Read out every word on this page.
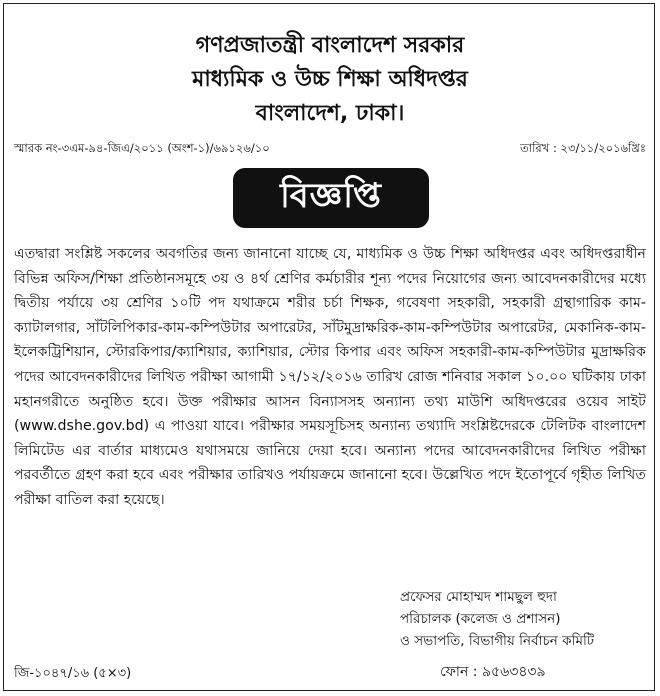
গণপ্রজাতন্ত্রী বাংলাদেশ সরকার
মাধ্যমিক ও উচ্চ শিক্ষা অধিদপ্তর
বাংলাদেশ, ঢাকা।
স্মারক নং-৩এম-৯৪-জিএ/২০১১ (অংশ-১)/৬৯১২৬/১০	তারিখ : ২৩/১১/২০১৬খ্রিঃ
বিজ্ঞপ্তি
এতদ্বারা সংশ্লিষ্ট সকলের অবগতির জন্য জানানো যাচ্ছে যে, মাধ্যমিক ও উচ্চ শিক্ষা অধিদপ্তর এবং অধিদপ্তরাধীন বিভিন্ন অফিস/শিক্ষা প্রতিষ্ঠানসমূহে ৩য় ও ৪র্থ শ্রেণির কর্মচারীর শূন্য পদের নিয়োগের জন্য আবেদনকারীদের মধ্যে দ্বিতীয় পর্যায়ে ৩য় শ্রেণির ১০টি পদ যথাক্রমে শরীর চর্চা শিক্ষক, গবেষণা সহকারী, সহকারী গ্রন্থাগারিক কাম-ক্যাটালগার, সাঁটলিপিকার-কাম-কম্পিউটার অপারেটর, সাঁটমুদ্রাক্ষরিক-কাম-কম্পিউটার অপারেটর, মেকানিক-কাম-ইলেকট্রিশিয়ান, স্টোরকিপার/ক্যাশিয়ার, ক্যাশিয়ার, স্টোর কিপার এবং অফিস সহকারী-কাম-কম্পিউটার মুদ্রাক্ষরিক পদের আবেদনকারীদের লিখিত পরীক্ষা আগামী ১৭/১২/২০১৬ তারিখ রোজ শনিবার সকাল ১০.০০ ঘটিকায় ঢাকা মহানগরীতে অনুষ্ঠিত হবে। উক্ত পরীক্ষার আসন বিন্যাসসহ অন্যান্য তথ্য মাউশি অধিদপ্তরের ওয়েব সাইট (www.dshe.gov.bd) এ পাওয়া যাবে। পরীক্ষার সময়সূচিসহ অন্যান্য তথ্যাদি সংশ্লিষ্টদেরকে টেলিটক বাংলাদেশ লিমিটেড এর বার্তার মাধ্যমেও যথাসময়ে জানিয়ে দেয়া হবে। অন্যান্য পদের আবেদনকারীদের লিখিত পরীক্ষা পরবর্তীতে গ্রহণ করা হবে এবং পরীক্ষার তারিখও পর্যায়ক্রমে জানানো হবে। উল্লেখিত পদে ইতোপূর্বে গৃহীত লিখিত পরীক্ষা বাতিল করা হয়েছে।
প্রফেসর মোহাম্মদ শামছুল হুদা
পরিচালক (কলেজ ও প্রশাসন)
ও সভাপতি, বিভাগীয় নির্বাচন কমিটি
জি-১০৪৭/১৬ (৫×৩)	ফোন : ৯৫৬৩৪৩৯
